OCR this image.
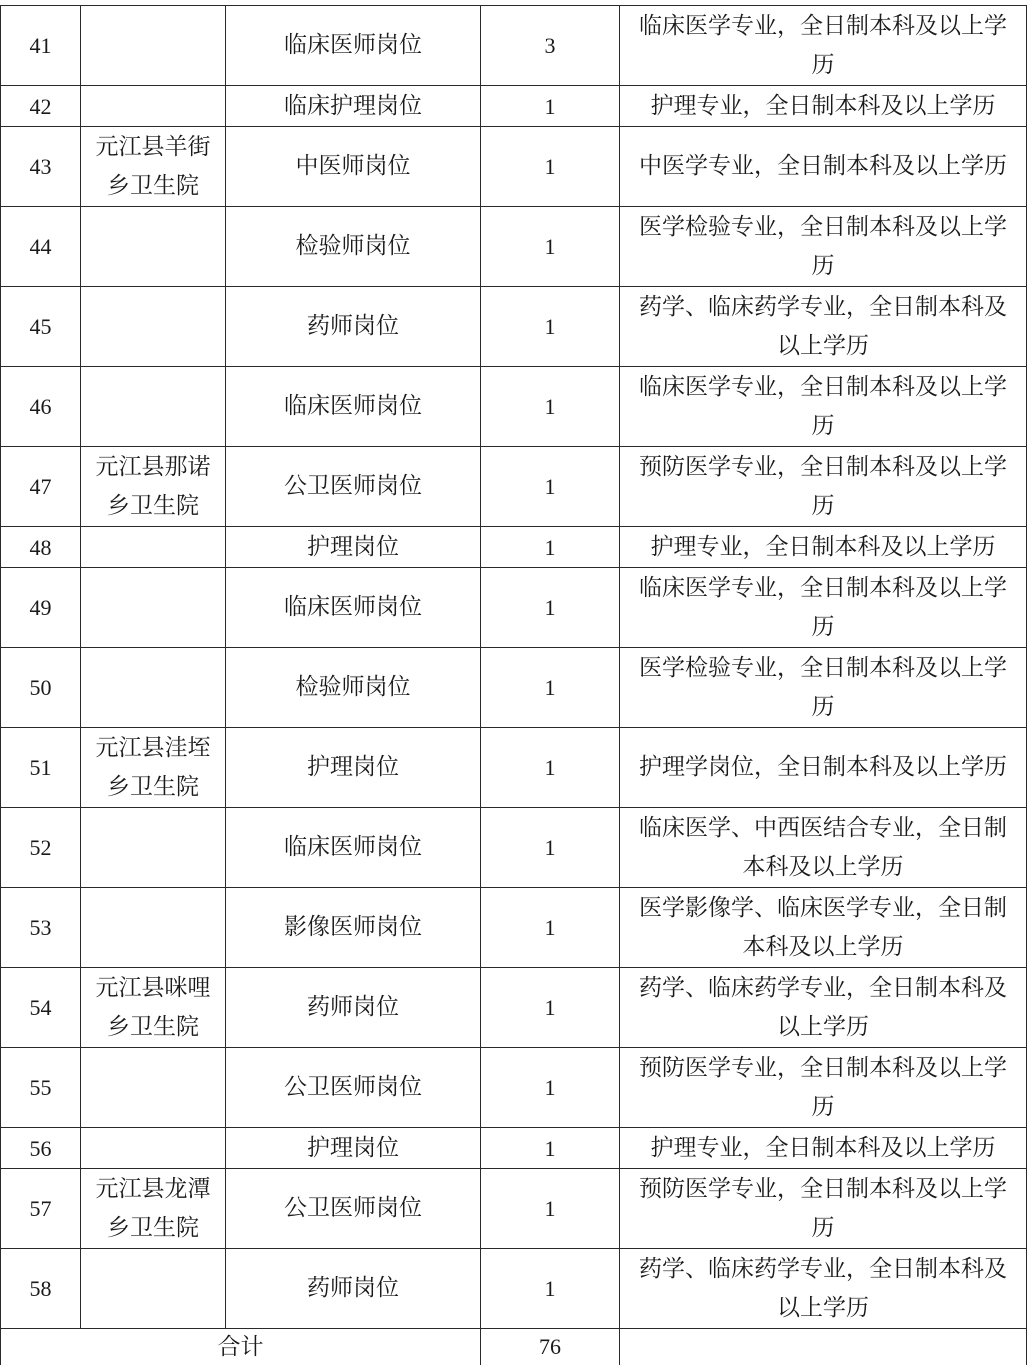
41		临床医师岗位	3	临床医学专业，全日制本科及以上学历
42		临床护理岗位	1	护理专业，全日制本科及以上学历
43	元江县羊街乡卫生院	中医师岗位	1	中医学专业，全日制本科及以上学历
44		检验师岗位	1	医学检验专业，全日制本科及以上学历
45		药师岗位	1	药学、临床药学专业，全日制本科及以上学历
46		临床医师岗位	1	临床医学专业，全日制本科及以上学历
47	元江县那诺乡卫生院	公卫医师岗位	1	预防医学专业，全日制本科及以上学历
48		护理岗位	1	护理专业，全日制本科及以上学历
49		临床医师岗位	1	临床医学专业，全日制本科及以上学历
50		检验师岗位	1	医学检验专业，全日制本科及以上学历
51	元江县洼垤乡卫生院	护理岗位	1	护理学岗位，全日制本科及以上学历
52		临床医师岗位	1	临床医学、中西医结合专业，全日制本科及以上学历
53		影像医师岗位	1	医学影像学、临床医学专业，全日制本科及以上学历
54	元江县咪哩乡卫生院	药师岗位	1	药学、临床药学专业，全日制本科及以上学历
55		公卫医师岗位	1	预防医学专业，全日制本科及以上学历
56		护理岗位	1	护理专业，全日制本科及以上学历
57	元江县龙潭乡卫生院	公卫医师岗位	1	预防医学专业，全日制本科及以上学历
58		药师岗位	1	药学、临床药学专业，全日制本科及以上学历
合计			76	
